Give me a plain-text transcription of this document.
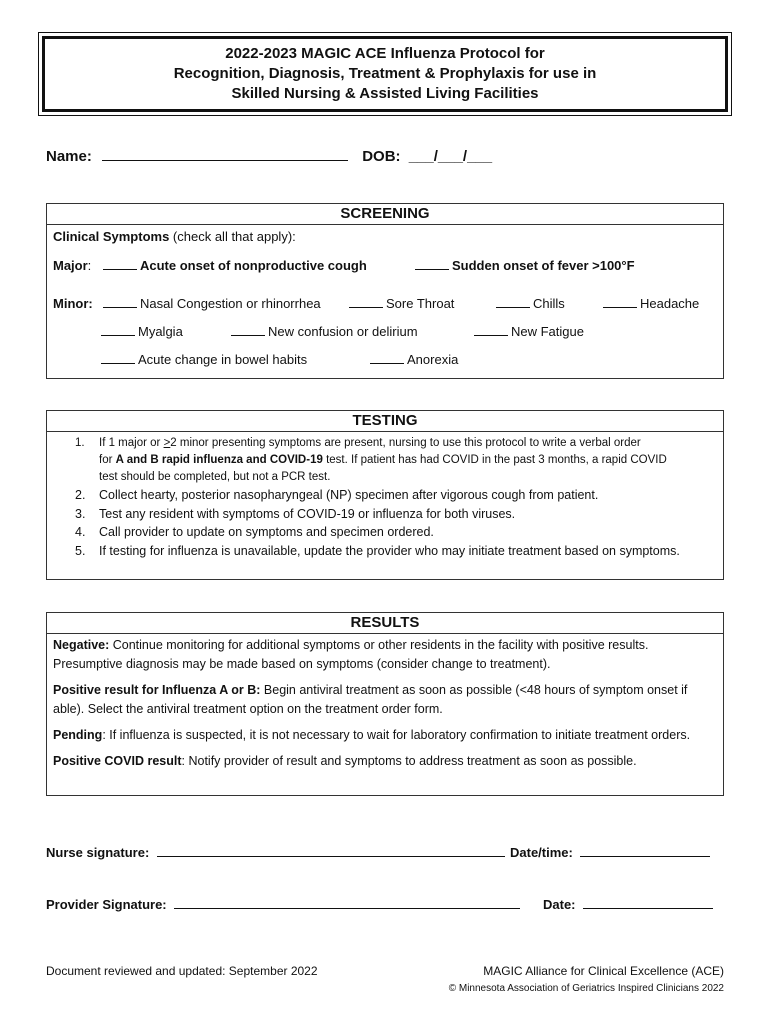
2022-2023 MAGIC ACE Influenza Protocol for
Recognition, Diagnosis, Treatment & Prophylaxis for use in
Skilled Nursing & Assisted Living Facilities
Name:	DOB: ___/___/___
SCREENING
Clinical Symptoms (check all that apply):
Major:	Acute onset of nonproductive cough	Sudden onset of fever >100°F
Minor:	Nasal Congestion or rhinorrhea	Sore Throat	Chills	Headache
Myalgia	New confusion or delirium	New Fatigue
Acute change in bowel habits	Anorexia
TESTING
1.	If 1 major or >2 minor presenting symptoms are present, nursing to use this protocol to write a verbal order
for A and B rapid influenza and COVID-19 test. If patient has had COVID in the past 3 months, a rapid COVID
test should be completed, but not a PCR test.
2.	Collect hearty, posterior nasopharyngeal (NP) specimen after vigorous cough from patient.
3.	Test any resident with symptoms of COVID-19 or influenza for both viruses.
4.	Call provider to update on symptoms and specimen ordered.
5.	If testing for influenza is unavailable, update the provider who may initiate treatment based on symptoms.
RESULTS
Negative: Continue monitoring for additional symptoms or other residents in the facility with positive results. Presumptive diagnosis may be made based on symptoms (consider change to treatment).
Positive result for Influenza A or B: Begin antiviral treatment as soon as possible (<48 hours of symptom onset if able). Select the antiviral treatment option on the treatment order form.
Pending: If influenza is suspected, it is not necessary to wait for laboratory confirmation to initiate treatment orders.
Positive COVID result: Notify provider of result and symptoms to address treatment as soon as possible.
Nurse signature:	Date/time:
Provider Signature:	Date:
Document reviewed and updated: September 2022	MAGIC Alliance for Clinical Excellence (ACE)
© Minnesota Association of Geriatrics Inspired Clinicians 2022
